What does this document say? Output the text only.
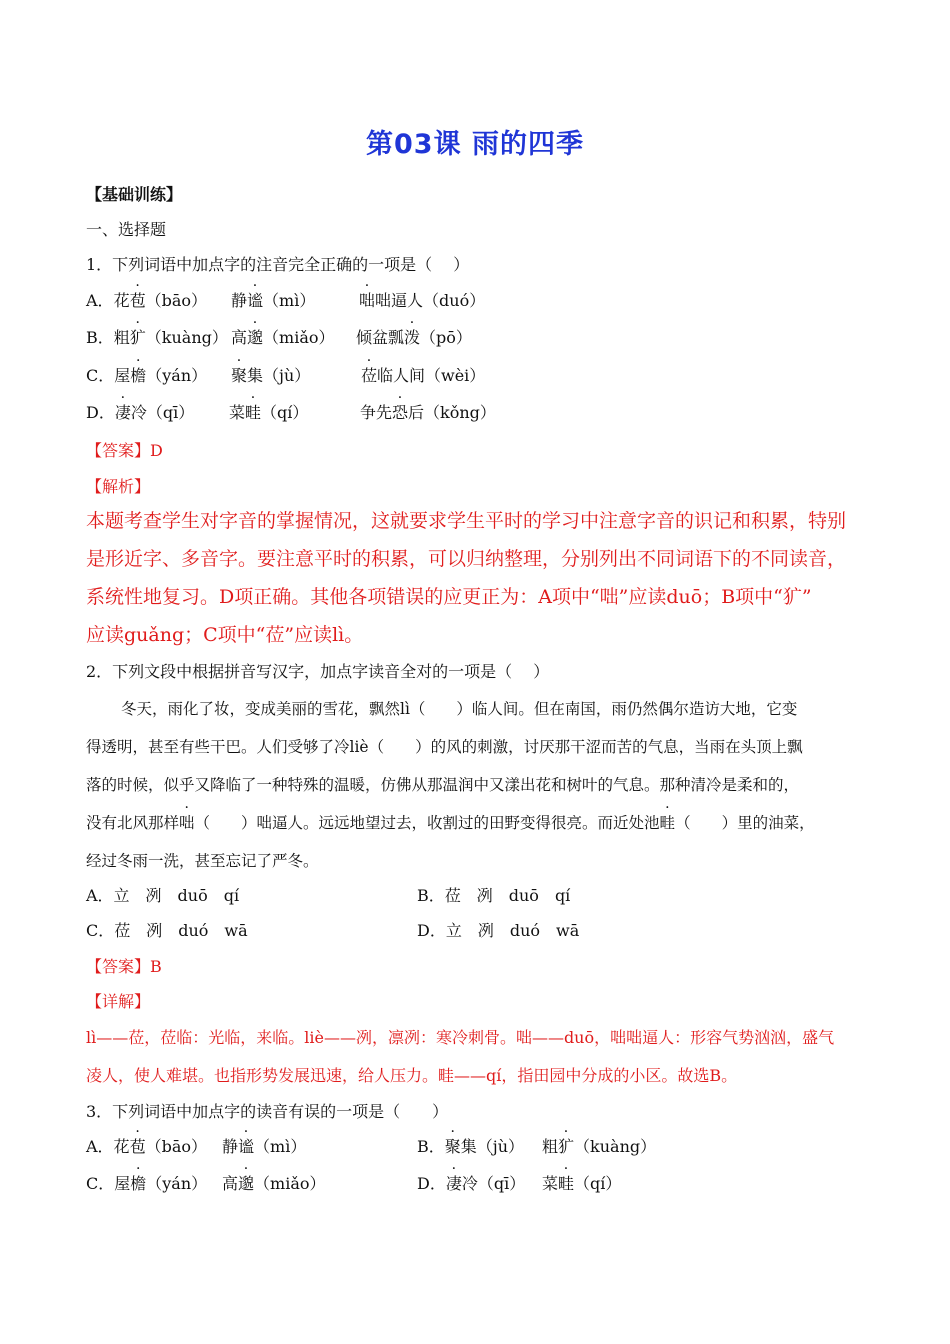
第03课 雨的四季
【基础训练】
一、选择题
1．下列词语中加点字的注音完全正确的一项是（　 ）
A．花苞（bāo） 静谧（mì）	咄咄逼人（duó）
B．粗犷（kuàng） 高邈（miǎo） 倾盆瓢泼（pō）
C．屋檐（yán） 聚集（jù）	莅临人间（wèi）
D．凄冷（qī） 菜畦（qí）	争先恐后（kǒng）
【答案】D
【解析】
本题考查学生对字音的掌握情况，这就要求学生平时的学习中注意字音的识记和积累，特别
是形近字、多音字。要注意平时的积累，可以归纳整理，分别列出不同词语下的不同读音，
系统性地复习。D项正确。其他各项错误的应更正为：A项中“咄”应读duō；B项中“犷”
应读guǎng；C项中“莅”应读lì。
2．下列文段中根据拼音写汉字，加点字读音全对的一项是（　 ）
冬天，雨化了妆，变成美丽的雪花，飘然lì（　　）临人间。但在南国，雨仍然偶尔造访大地，它变
得透明，甚至有些干巴。人们受够了冷liè（　　）的风的刺激，讨厌那干涩而苦的气息，当雨在头顶上飘
落的时候，似乎又降临了一种特殊的温暖，仿佛从那温润中又漾出花和树叶的气息。那种清冷是柔和的，
没有北风那样咄（　　）咄逼人。远远地望过去，收割过的田野变得很亮。而近处池畦（　　）里的油菜，
经过冬雨一洗，甚至忘记了严冬。
A．立　冽　duō　qí	B．莅　冽　duō　qí
C．莅　冽　duó　wā	D．立　冽　duó　wā
【答案】B
【详解】
lì——莅，莅临：光临，来临。liè——冽，凛冽：寒冷刺骨。咄——duō，咄咄逼人：形容气势汹汹，盛气
凌人，使人难堪。也指形势发展迅速，给人压力。畦——qí，指田园中分成的小区。故选B。
3．下列词语中加点字的读音有误的一项是（　　）
A．花苞（bāo） 静谧（mì）	B．聚集（jù） 粗犷（kuàng）
C．屋檐（yán） 高邈（miǎo）	D．凄冷（qī） 菜畦（qí）
